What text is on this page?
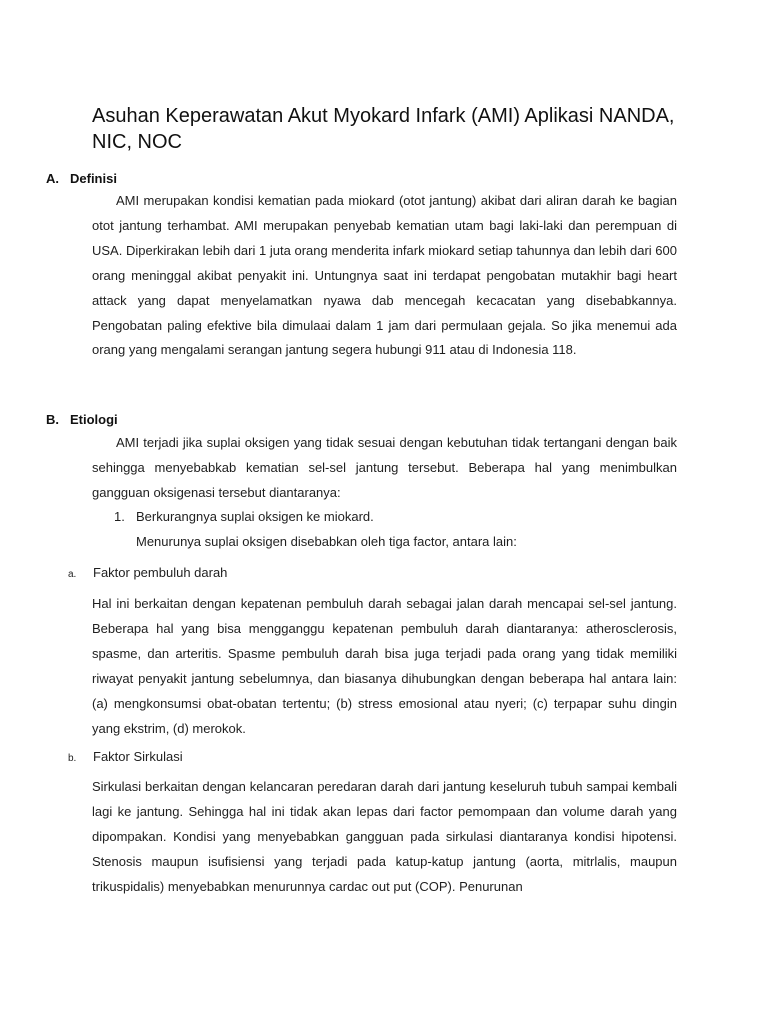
Asuhan Keperawatan Akut Myokard Infark (AMI) Aplikasi NANDA, NIC, NOC
A. Definisi

AMI merupakan kondisi kematian pada miokard (otot jantung) akibat dari aliran darah ke bagian otot jantung terhambat. AMI merupakan penyebab kematian utam bagi laki-laki dan perempuan di USA. Diperkirakan lebih dari 1 juta orang menderita infark miokard setiap tahunnya dan lebih dari 600 orang meninggal akibat penyakit ini. Untungnya saat ini terdapat pengobatan mutakhir bagi heart attack yang dapat menyelamatkan nyawa dab mencegah kecacatan yang disebabkannya. Pengobatan paling efektive bila dimulaai dalam 1 jam dari permulaan gejala. So jika menemui ada orang yang mengalami serangan jantung segera hubungi 911 atau di Indonesia 118.

B. Etiologi

AMI terjadi jika suplai oksigen yang tidak sesuai dengan kebutuhan tidak tertangani dengan baik sehingga menyebabkab kematian sel-sel jantung tersebut. Beberapa hal yang menimbulkan gangguan oksigenasi tersebut diantaranya:

1. Berkurangnya suplai oksigen ke miokard.

Menurunya suplai oksigen disebabkan oleh tiga factor, antara lain:

a. Faktor pembuluh darah

Hal ini berkaitan dengan kepatenan pembuluh darah sebagai jalan darah mencapai sel-sel jantung. Beberapa hal yang bisa mengganggu kepatenan pembuluh darah diantaranya: atherosclerosis, spasme, dan arteritis. Spasme pembuluh darah bisa juga terjadi pada orang yang tidak memiliki riwayat penyakit jantung sebelumnya, dan biasanya dihubungkan dengan beberapa hal antara lain: (a) mengkonsumsi obat-obatan tertentu; (b) stress emosional atau nyeri; (c) terpapar suhu dingin yang ekstrim, (d) merokok.

b. Faktor Sirkulasi

Sirkulasi berkaitan dengan kelancaran peredaran darah dari jantung keseluruh tubuh sampai kembali lagi ke jantung. Sehingga hal ini tidak akan lepas dari factor pemompaan dan volume darah yang dipompakan. Kondisi yang menyebabkan gangguan pada sirkulasi diantaranya kondisi hipotensi. Stenosis maupun isufisiensi yang terjadi pada katup-katup jantung (aorta, mitrlalis, maupun trikuspidalis) menyebabkan menurunnya cardac out put (COP). Penurunan
